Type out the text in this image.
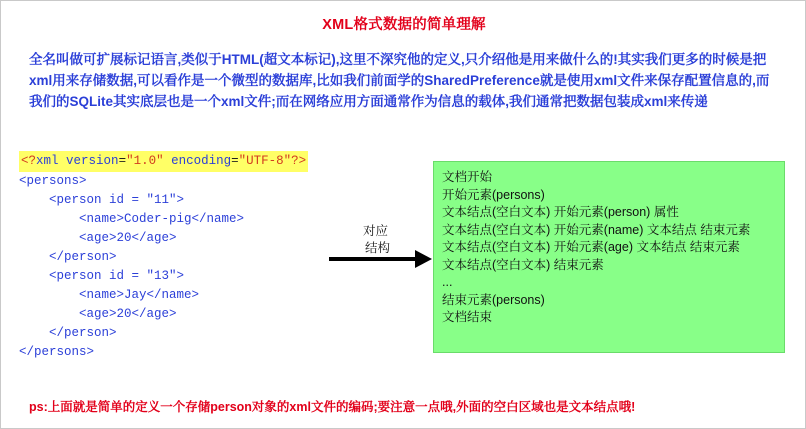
XML格式数据的简单理解
全名叫做可扩展标记语言,类似于HTML(超文本标记),这里不深究他的定义,只介绍他是用来做什么的!其实我们更多的时候是把xml用来存储数据,可以看作是一个微型的数据库,比如我们前面学的SharedPreference就是使用xml文件来保存配置信息的,而我们的SQLite其实底层也是一个xml文件;而在网络应用方面通常作为信息的载体,我们通常把数据包装成xml来传递
<?xml version="1.0" encoding="UTF-8"?>
<persons>
<person id = "11">
<name>Coder-pig</name>
<age>20</age>
</person>
<person id = "13">
<name>Jay</name>
<age>20</age>
</person>
</persons>
对应
结构
文档开始
开始元素(persons)
文本结点(空白文本) 开始元素(person) 属性
文本结点(空白文本) 开始元素(name) 文本结点 结束元素
文本结点(空白文本) 开始元素(age) 文本结点 结束元素
文本结点(空白文本) 结束元素
...
结束元素(persons)
文档结束
ps:上面就是简单的定义一个存储person对象的xml文件的编码;要注意一点哦,外面的空白区域也是文本结点哦!
